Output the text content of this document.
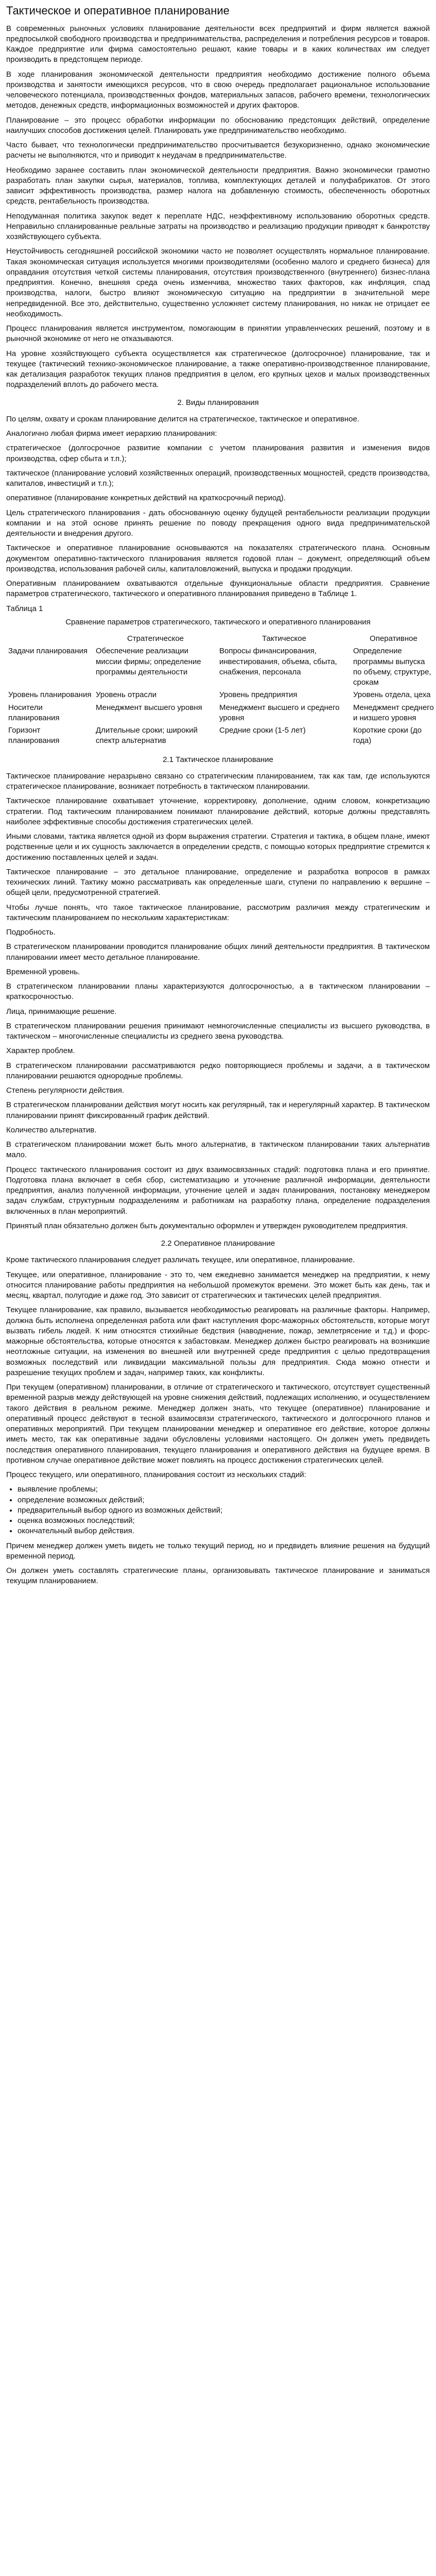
Тактическое и оперативное планирование

В современных рыночных условиях планирование деятельности всех предприятий и фирм является важной предпосылкой свободного производства и предпринимательства, распределения и потребления ресурсов и товаров. Каждое предприятие или фирма самостоятельно решают, какие товары и в каких количествах им следует производить в предстоящем периоде.

В ходе планирования экономической деятельности предприятия необходимо достижение полного объема производства и занятости имеющихся ресурсов, что в свою очередь предполагает рациональное использование человеческого потенциала, производственных фондов, материальных запасов, рабочего времени, технологических методов, денежных средств, информационных возможностей и других факторов.

Планирование – это процесс обработки информации по обоснованию предстоящих действий, определение наилучших способов достижения целей. Планировать уже предпринимательство необходимо.

Часто бывает, что технологически предпринимательство просчитывается безукоризненно, однако экономические расчеты не выполняются, что и приводит к неудачам в предпринимательстве.

Необходимо заранее составить план экономической деятельности предприятия. Важно экономически грамотно разработать план закупки сырья, материалов, топлива, комплектующих деталей и полуфабрикатов. От этого зависит эффективность производства, размер налога на добавленную стоимость, обеспеченность оборотных средств, рентабельность производства.

Неподуманная политика закупок ведет к переплате НДС, неэффективному использованию оборотных средств. Неправильно спланированные реальные затраты на производство и реализацию продукции приводят к банкротству хозяйствующего субъекта.

Неустойчивость сегодняшней российской экономики часто не позволяет осуществлять нормальное планирование. Такая экономическая ситуация используется многими производителями (особенно малого и среднего бизнеса) для оправдания отсутствия четкой системы планирования, отсутствия производственного (внутреннего) бизнес-плана предприятия. Конечно, внешняя среда очень изменчива, множество таких факторов, как инфляция, спад производства, налоги, быстро влияют экономическую ситуацию на предприятии в значительной мере непредвиденной. Все это, действительно, существенно усложняет систему планирования, но никак не отрицает ее необходимость.

Процесс планирования является инструментом, помогающим в принятии управленческих решений, поэтому и в рыночной экономике от него не отказываются.

На уровне хозяйствующего субъекта осуществляется как стратегическое (долгосрочное) планирование, так и текущее (тактический технико-экономическое планирование, а также оперативно-производственное планирование, как детализация разработок текущих планов предприятия в целом, его крупных цехов и малых производственных подразделений вплоть до рабочего места.

2. Виды планирования

По целям, охвату и срокам планирование делится на стратегическое, тактическое и оперативное.

Аналогично любая фирма имеет иерархию планирования:

стратегическое (долгосрочное развитие компании с учетом планирования развития и изменения видов производства, сфер сбыта и т.п.);

тактическое (планирование условий хозяйственных операций, производственных мощностей, средств производства, капиталов, инвестиций и т.п.);

оперативное (планирование конкретных действий на краткосрочный период).

Цель стратегического планирования - дать обоснованную оценку будущей рентабельности реализации продукции компании и на этой основе принять решение по поводу прекращения одного вида предпринимательской деятельности и внедрения другого.

Тактическое и оперативное планирование основываются на показателях стратегического плана. Основным документом оперативно-тактического планирования является годовой план – документ, определяющий объем производства, использования рабочей силы, капиталовложений, выпуска и продажи продукции.

Оперативным планированием охватываются отдельные функциональные области предприятия. Сравнение параметров стратегического, тактического и оперативного планирования приведено в Таблице 1.

Таблица 1
Сравнение параметров стратегического, тактического и оперативного планирования
	Стратегическое	Тактическое	Оперативное
Задачи планирования	Обеспечение реализации миссии фирмы; определение программы деятельности	Вопросы финансирования, инвестирования, объема, сбыта, снабжения, персонала	Определение программы выпуска по объему, структуре, срокам
Уровень планирования	Уровень отрасли	Уровень предприятия	Уровень отдела, цеха
Носители планирования	Менеджмент высшего уровня	Менеджмент высшего и среднего уровня	Менеджмент среднего и низшего уровня
Горизонт планирования	Длительные сроки; широкий спектр альтернатив	Средние сроки (1-5 лет)	Короткие сроки (до года)
2.1 Тактическое планирование

Тактическое планирование неразрывно связано со стратегическим планированием, так как там, где используются стратегическое планирование, возникает потребность в тактическом планировании.

Тактическое планирование охватывает уточнение, корректировку, дополнение, одним словом, конкретизацию стратегии. Под тактическим планированием понимают планирование действий, которые должны представлять наиболее эффективные способы достижения стратегических целей.

Иными словами, тактика является одной из форм выражения стратегии. Стратегия и тактика, в общем плане, имеют родственные цели и их сущность заключается в определении средств, с помощью которых предприятие стремится к достижению поставленных целей и задач.

Тактическое планирование – это детальное планирование, определение и разработка вопросов в рамках технических линий. Тактику можно рассматривать как определенные шаги, ступени по направлению к вершине – общей цели, предусмотренной стратегией.

Чтобы лучше понять, что такое тактическое планирование, рассмотрим различия между стратегическим и тактическим планированием по нескольким характеристикам:

Подробность.

В стратегическом планировании проводится планирование общих линий деятельности предприятия. В тактическом планировании имеет место детальное планирование.

Временной уровень.

В стратегическом планировании планы характеризуются долгосрочностью, а в тактическом планировании – краткосрочностью.

Лица, принимающие решение.

В стратегическом планировании решения принимают немногочисленные специалисты из высшего руководства, в тактическом – многочисленные специалисты из среднего звена руководства.

Характер проблем.

В стратегическом планировании рассматриваются редко повторяющиеся проблемы и задачи, а в тактическом планировании решаются однородные проблемы.

Степень регулярности действия.

В стратегическом планировании действия могут носить как регулярный, так и нерегулярный характер. В тактическом планировании принят фиксированный график действий.

Количество альтернатив.

В стратегическом планировании может быть много альтернатив, в тактическом планировании таких альтернатив мало.

Процесс тактического планирования состоит из двух взаимосвязанных стадий: подготовка плана и его принятие. Подготовка плана включает в себя сбор, систематизацию и уточнение различной информации, деятельности предприятия, анализ полученной информации, уточнение целей и задач планирования, постановку менеджером задач службам, структурным подразделениям и работникам на разработку плана, определение подразделения включенных в план мероприятий.

Принятый план обязательно должен быть документально оформлен и утвержден руководителем предприятия.

2.2 Оперативное планирование

Кроме тактического планирования следует различать текущее, или оперативное, планирование.

Текущее, или оперативное, планирование - это то, чем ежедневно занимается менеджер на предприятии, к нему относится планирование работы предприятия на небольшой промежуток времени. Это может быть как день, так и месяц, квартал, полугодие и даже год. Это зависит от стратегических и тактических целей предприятия.

Текущее планирование, как правило, вызывается необходимостью реагировать на различные факторы. Например, должна быть исполнена определенная работа или факт наступления форс-мажорных обстоятельств, которые могут вызвать гибель людей. К ним относятся стихийные бедствия (наводнение, пожар, землетрясение и т.д.) и форс-мажорные обстоятельства, которые относятся к забастовкам. Менеджер должен быстро реагировать на возникшие неотложные ситуации, на изменения во внешней или внутренней среде предприятия с целью предотвращения возможных последствий или ликвидации максимальной пользы для предприятия. Сюда можно отнести и разрешение текущих проблем и задач, например таких, как конфликты.

При текущем (оперативном) планировании, в отличие от стратегического и тактического, отсутствует существенный временной разрыв между действующей на уровне снижения действий, подлежащих исполнению, и осуществлением такого действия в реальном режиме. Менеджер должен знать, что текущее (оперативное) планирование и оперативный процесс действуют в тесной взаимосвязи стратегического, тактического и долгосрочного планов и оперативных мероприятий. При текущем планировании менеджер и оперативное его действие, которое должны иметь место, так как оперативные задачи обусловлены условиями настоящего. Он должен уметь предвидеть последствия оперативного планирования, текущего планирования и оперативного действия на будущее время. В противном случае оперативное действие может повлиять на процесс достижения стратегических целей.

Процесс текущего, или оперативного, планирования состоит из нескольких стадий:

• выявление проблемы;
• определение возможных действий;
• предварительный выбор одного из возможных действий;
• оценка возможных последствий;
• окончательный выбор действия.

Причем менеджер должен уметь видеть не только текущий период, но и предвидеть влияние решения на будущий временной период.

Он должен уметь составлять стратегические планы, организовывать тактическое планирование и заниматься текущим планированием.
